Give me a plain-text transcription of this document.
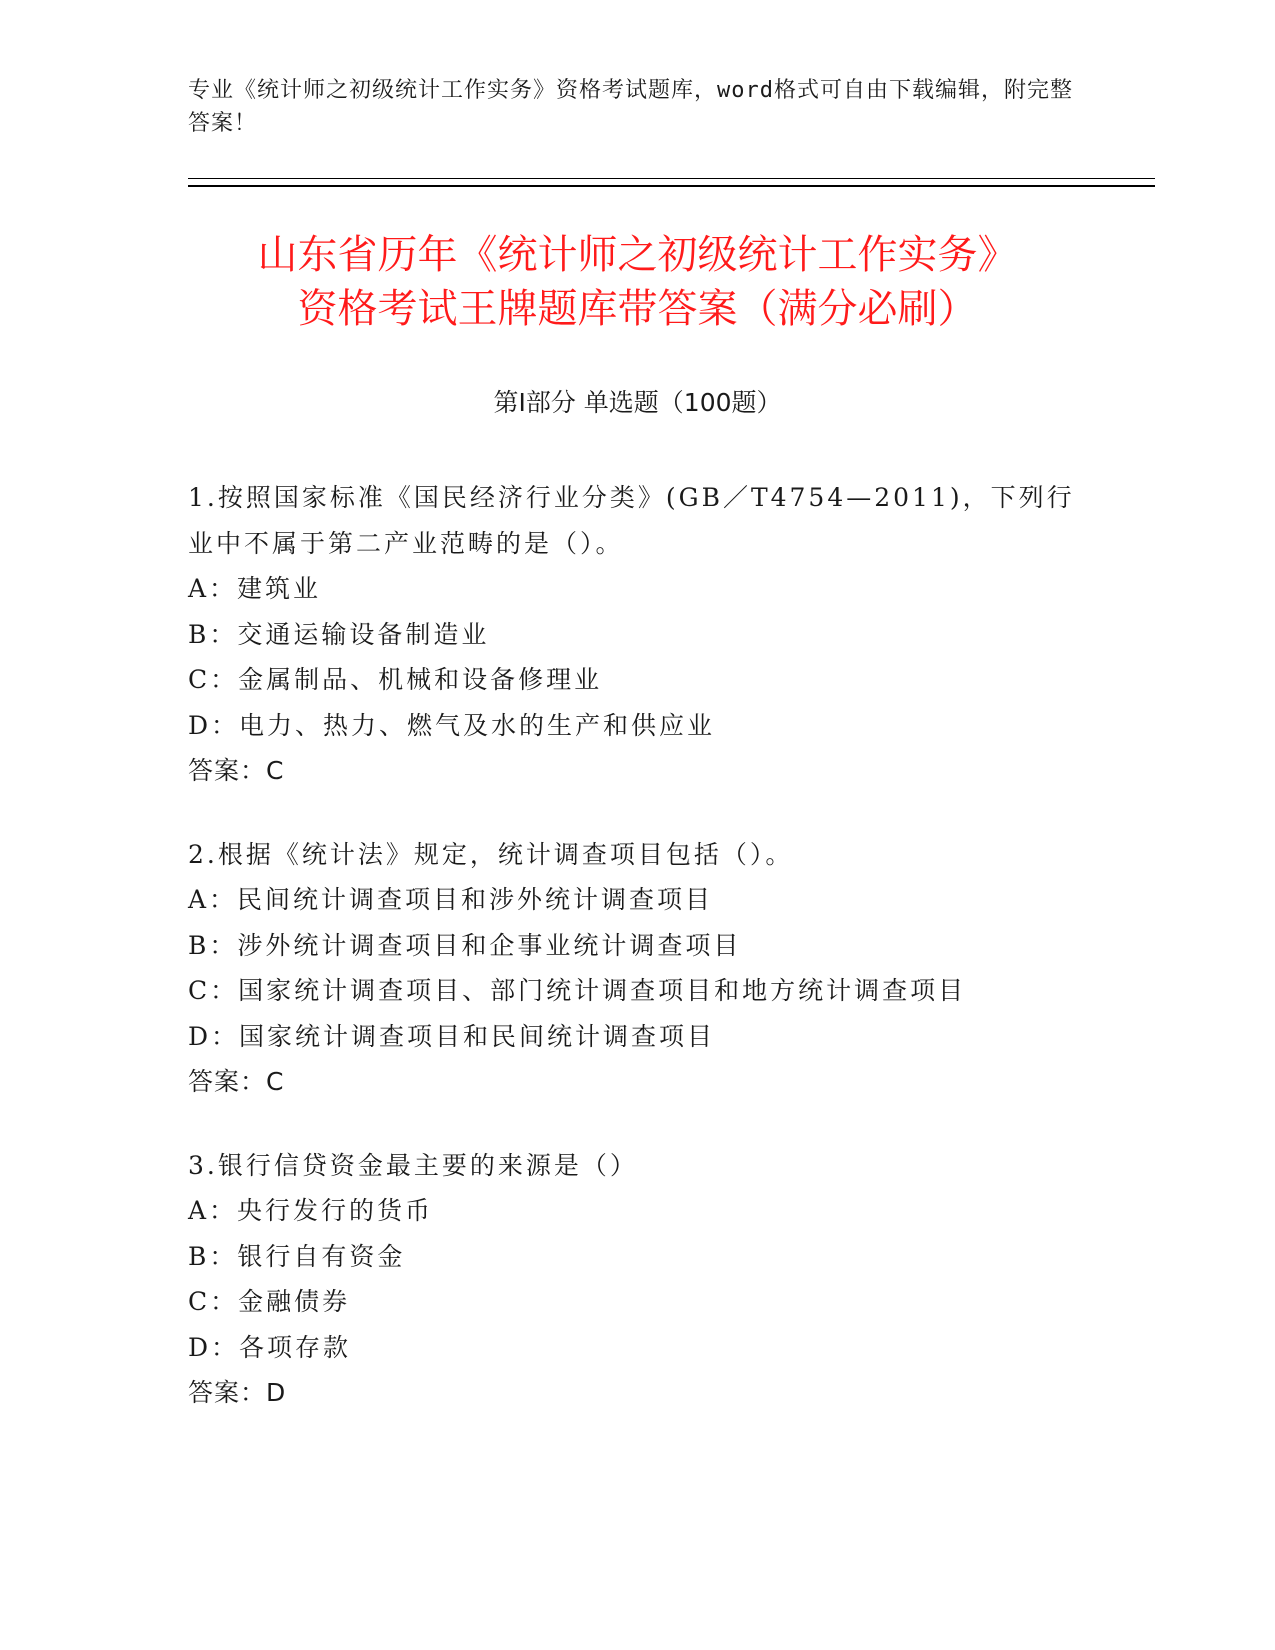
专业《统计师之初级统计工作实务》资格考试题库，word格式可自由下载编辑，附完整答案！
山东省历年《统计师之初级统计工作实务》
资格考试王牌题库带答案（满分必刷）
第Ⅰ部分 单选题（100题）
1.按照国家标准《国民经济行业分类》(GB／T4754—2011)，下列行业中不属于第二产业范畴的是（）。
A：建筑业
B：交通运输设备制造业
C：金属制品、机械和设备修理业
D：电力、热力、燃气及水的生产和供应业
答案：C
2.根据《统计法》规定，统计调查项目包括（）。
A：民间统计调查项目和涉外统计调查项目
B：涉外统计调查项目和企事业统计调查项目
C：国家统计调查项目、部门统计调查项目和地方统计调查项目
D：国家统计调查项目和民间统计调查项目
答案：C
3.银行信贷资金最主要的来源是（）
A：央行发行的货币
B：银行自有资金
C：金融债券
D：各项存款
答案：D
